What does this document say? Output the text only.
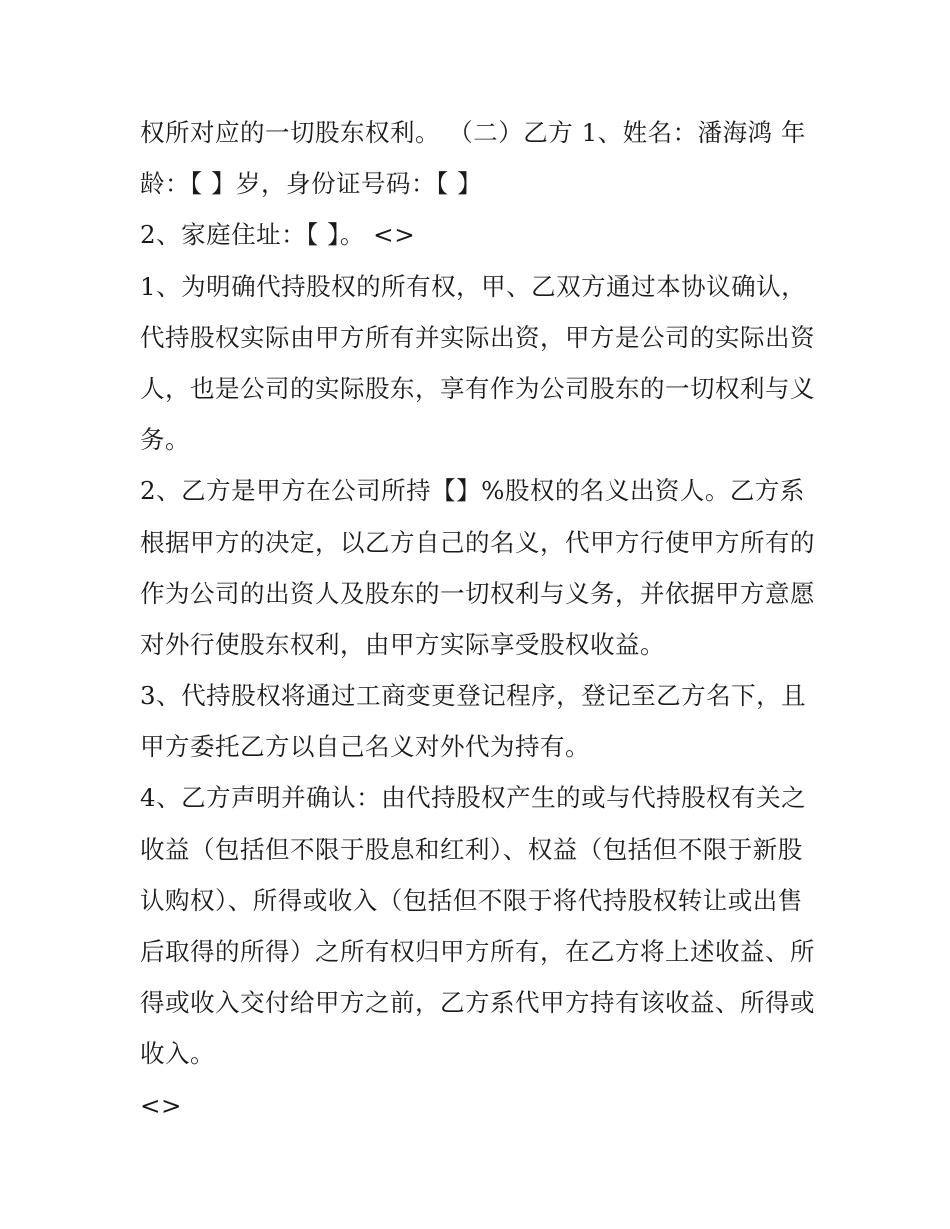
权所对应的一切股东权利。 （二）乙方 1、姓名：潘海鸿 年
龄：【 】岁，身份证号码：【 】
2、家庭住址：【 】。 <>
1、为明确代持股权的所有权，甲、乙双方通过本协议确认，
代持股权实际由甲方所有并实际出资，甲方是公司的实际出资
人，也是公司的实际股东，享有作为公司股东的一切权利与义
务。
2、乙方是甲方在公司所持【】%股权的名义出资人。乙方系
根据甲方的决定，以乙方自己的名义，代甲方行使甲方所有的
作为公司的出资人及股东的一切权利与义务，并依据甲方意愿
对外行使股东权利，由甲方实际享受股权收益。
3、代持股权将通过工商变更登记程序，登记至乙方名下，且
甲方委托乙方以自己名义对外代为持有。
4、乙方声明并确认：由代持股权产生的或与代持股权有关之
收益（包括但不限于股息和红利）、权益（包括但不限于新股
认购权）、所得或收入（包括但不限于将代持股权转让或出售
后取得的所得）之所有权归甲方所有，在乙方将上述收益、所
得或收入交付给甲方之前，乙方系代甲方持有该收益、所得或
收入。
<>
